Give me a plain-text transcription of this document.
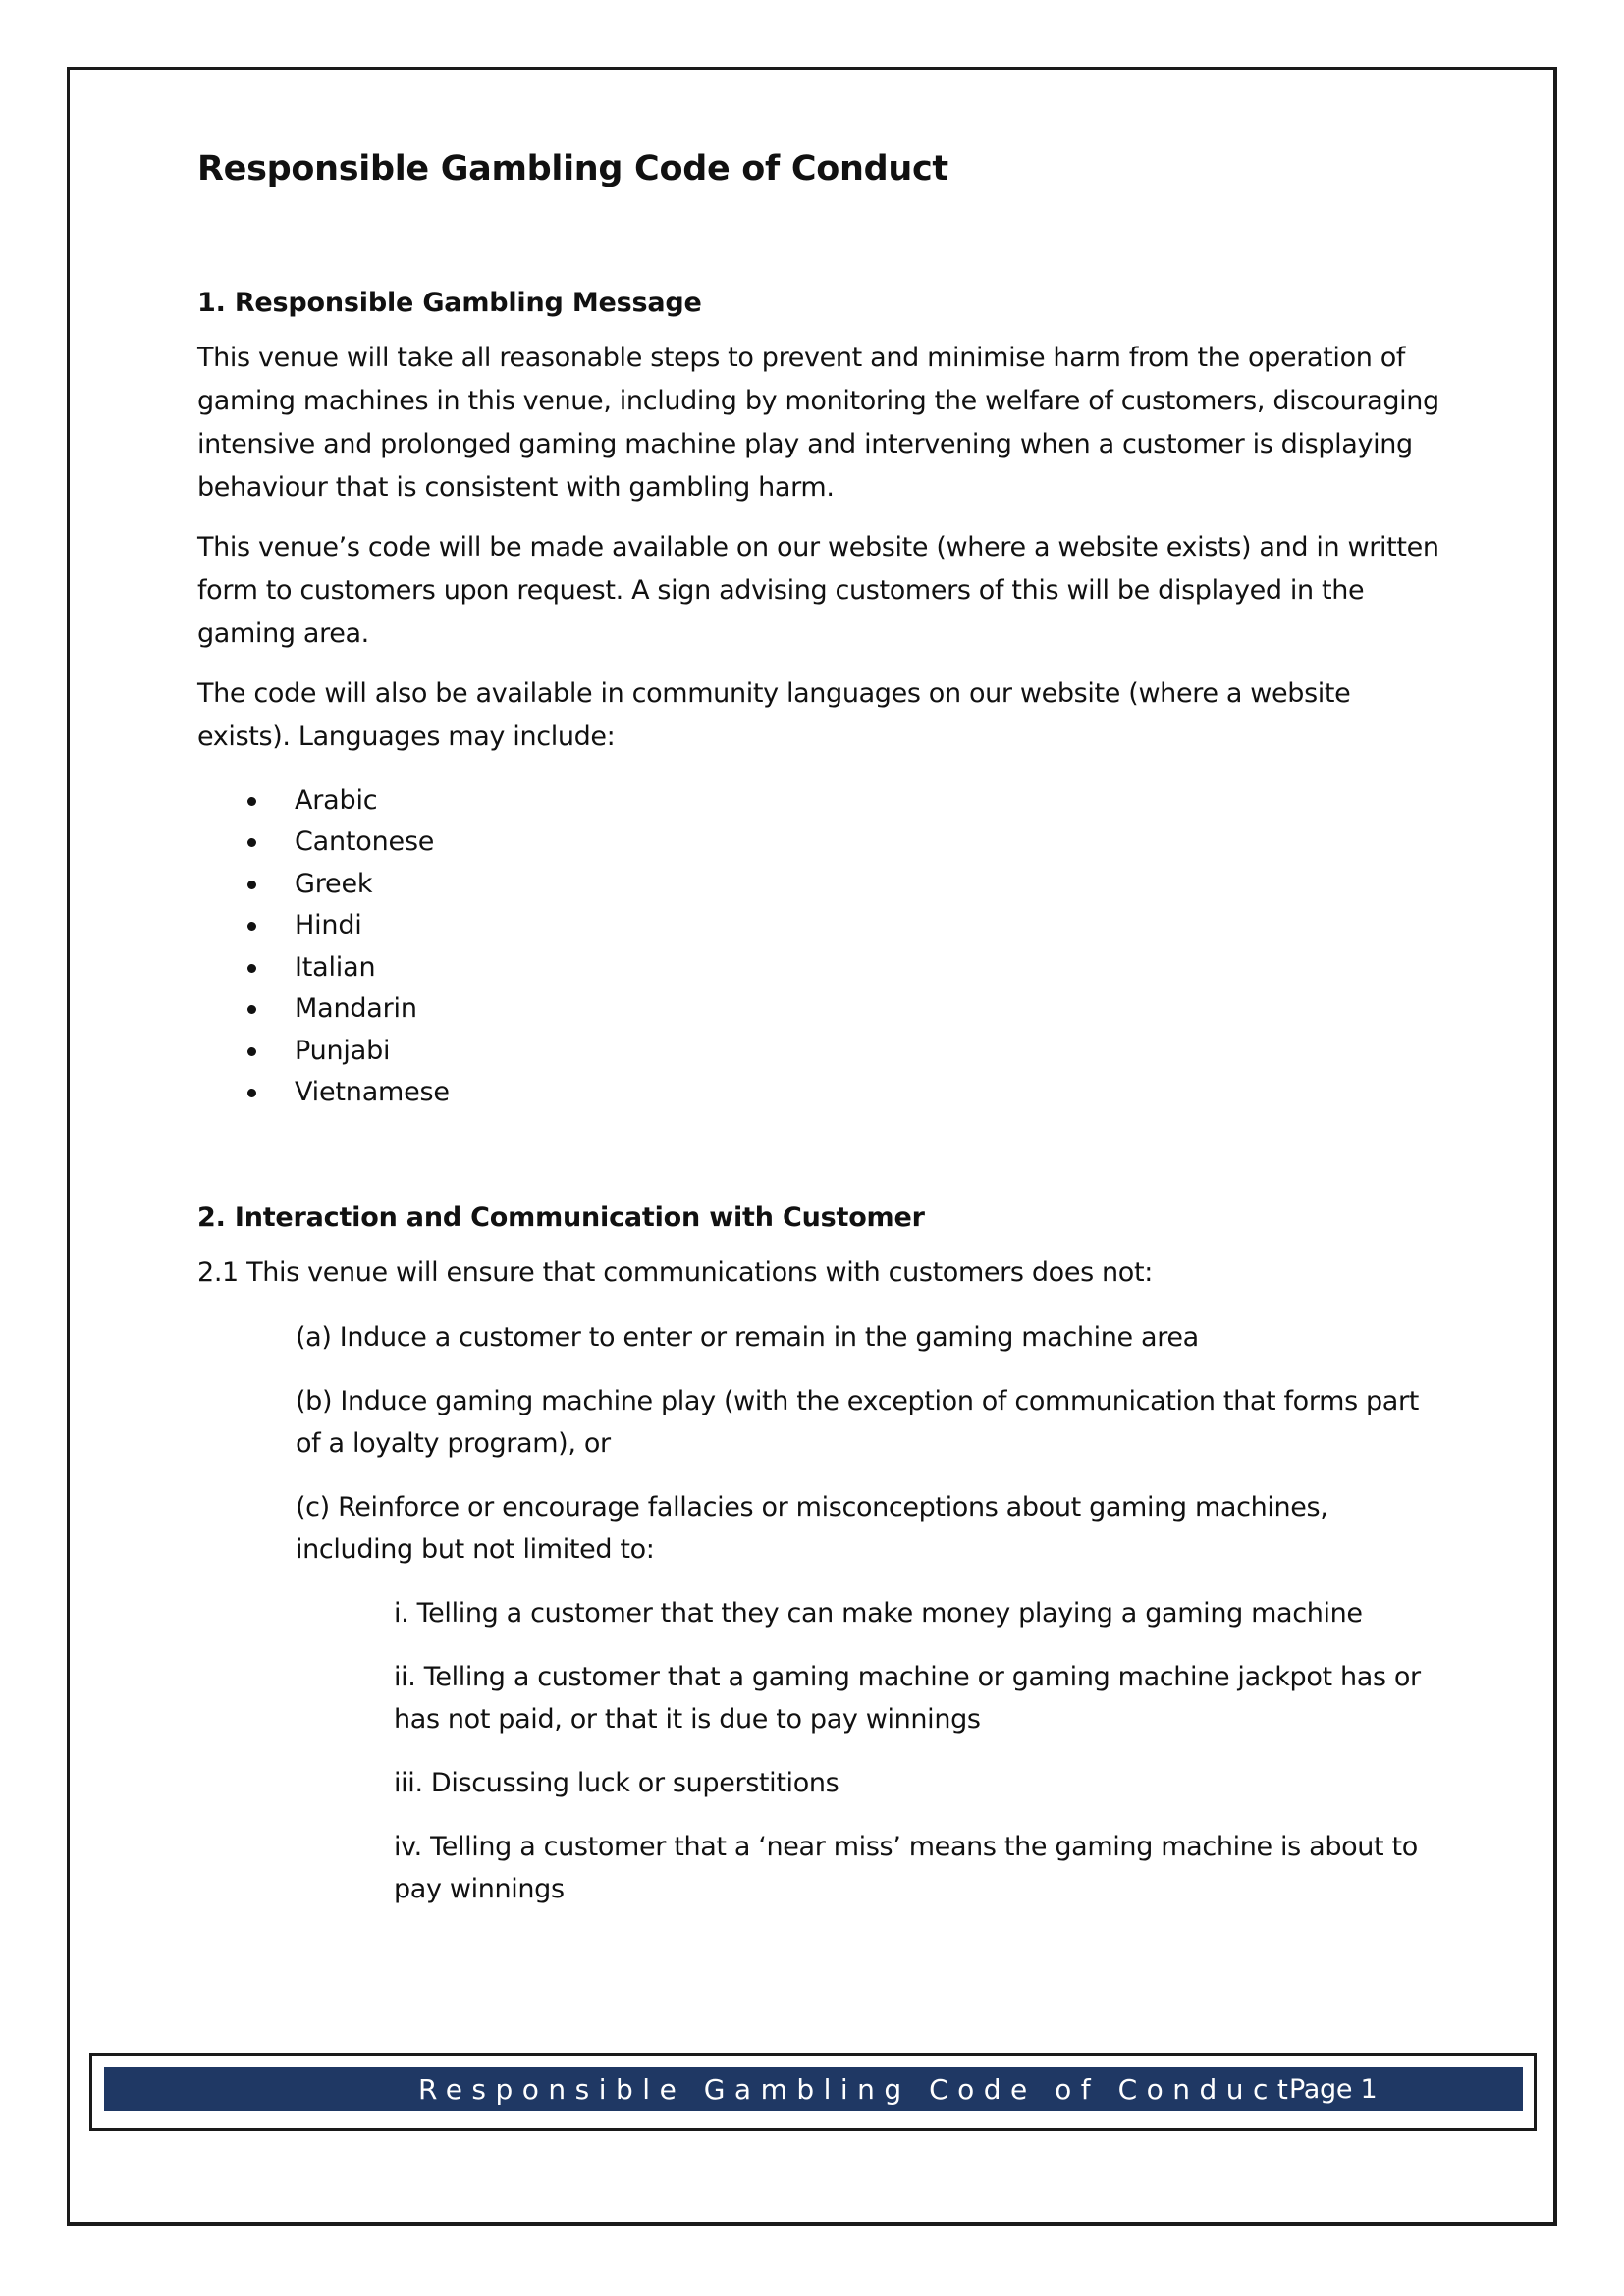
Responsible Gambling Code of Conduct
1. Responsible Gambling Message

This venue will take all reasonable steps to prevent and minimise harm from the operation of gaming machines in this venue, including by monitoring the welfare of customers, discouraging intensive and prolonged gaming machine play and intervening when a customer is displaying behaviour that is consistent with gambling harm.

This venue’s code will be made available on our website (where a website exists) and in written form to customers upon request. A sign advising customers of this will be displayed in the gaming area.

The code will also be available in community languages on our website (where a website exists). Languages may include:

Arabic
Cantonese
Greek
Hindi
Italian
Mandarin
Punjabi
Vietnamese
2. Interaction and Communication with Customer

2.1 This venue will ensure that communications with customers does not:

(a) Induce a customer to enter or remain in the gaming machine area

(b) Induce gaming machine play (with the exception of communication that forms part of a loyalty program), or

(c) Reinforce or encourage fallacies or misconceptions about gaming machines, including but not limited to:

i. Telling a customer that they can make money playing a gaming machine

ii. Telling a customer that a gaming machine or gaming machine jackpot has or has not paid, or that it is due to pay winnings

iii. Discussing luck or superstitions

iv. Telling a customer that a ‘near miss’ means the gaming machine is about to pay winnings

Responsible Gambling Code of Conduct
Page 1
